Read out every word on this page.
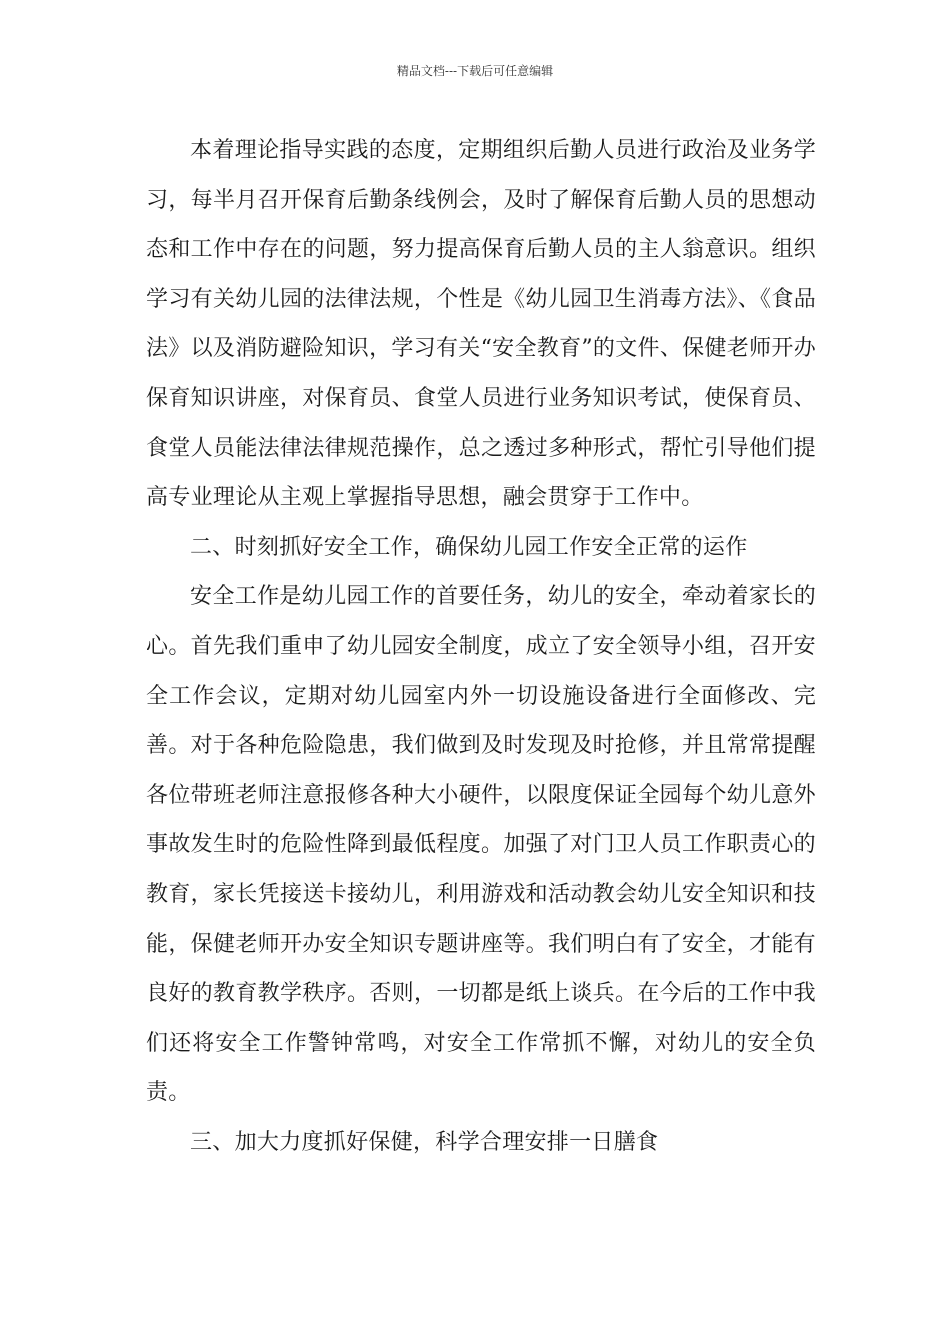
精品文档---下载后可任意编辑

本着理论指导实践的态度，定期组织后勤人员进行政治及业务学习，每半月召开保育后勤条线例会，及时了解保育后勤人员的思想动态和工作中存在的问题，努力提高保育后勤人员的主人翁意识。组织学习有关幼儿园的法律法规，个性是《幼儿园卫生消毒方法》、《食品法》以及消防避险知识，学习有关“安全教育”的文件、保健老师开办保育知识讲座，对保育员、食堂人员进行业务知识考试，使保育员、食堂人员能法律法律规范操作，总之透过多种形式，帮忙引导他们提高专业理论从主观上掌握指导思想，融会贯穿于工作中。

二、时刻抓好安全工作，确保幼儿园工作安全正常的运作

安全工作是幼儿园工作的首要任务，幼儿的安全，牵动着家长的心。首先我们重申了幼儿园安全制度，成立了安全领导小组，召开安全工作会议，定期对幼儿园室内外一切设施设备进行全面修改、完善。对于各种危险隐患，我们做到及时发现及时抢修，并且常常提醒各位带班老师注意报修各种大小硬件，以限度保证全园每个幼儿意外事故发生时的危险性降到最低程度。加强了对门卫人员工作职责心的教育，家长凭接送卡接幼儿，利用游戏和活动教会幼儿安全知识和技能，保健老师开办安全知识专题讲座等。我们明白有了安全，才能有良好的教育教学秩序。否则，一切都是纸上谈兵。在今后的工作中我们还将安全工作警钟常鸣，对安全工作常抓不懈，对幼儿的安全负责。

三、加大力度抓好保健，科学合理安排一日膳食
